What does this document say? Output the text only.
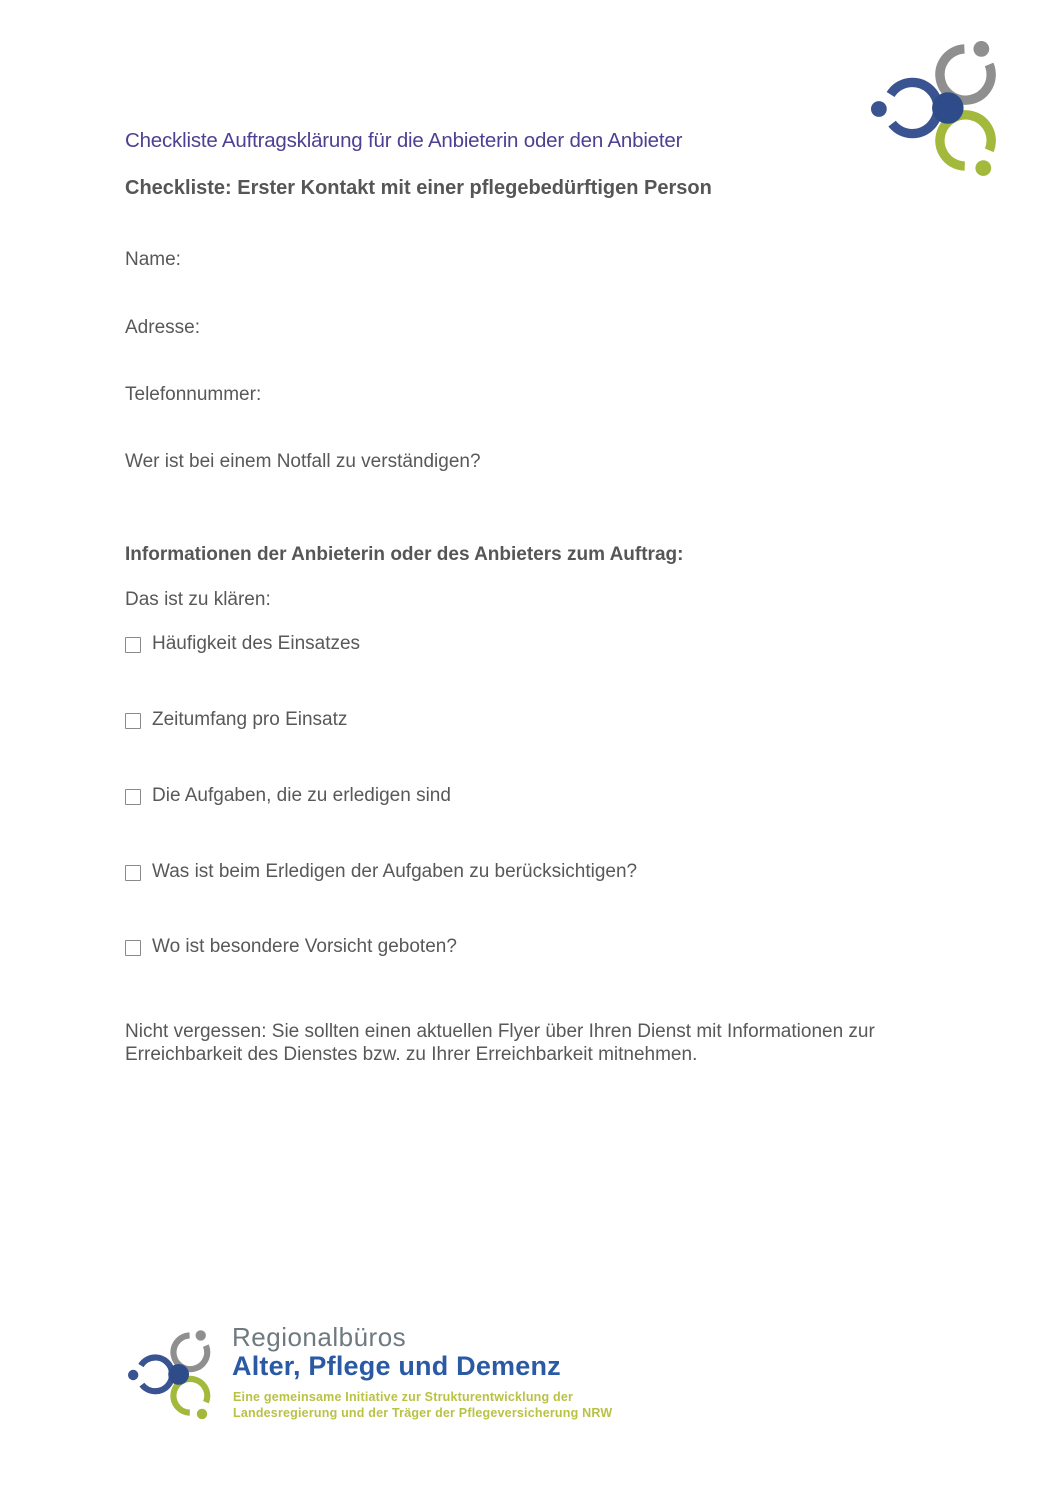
Checkliste Auftragsklärung für die Anbieterin oder den Anbieter
Checkliste: Erster Kontakt mit einer pflegebedürftigen Person
Name:
Adresse:
Telefonnummer:
Wer ist bei einem Notfall zu verständigen?
Informationen der Anbieterin oder des Anbieters zum Auftrag:
Das ist zu klären:
Häufigkeit des Einsatzes
Zeitumfang pro Einsatz
Die Aufgaben, die zu erledigen sind
Was ist beim Erledigen der Aufgaben zu berücksichtigen?
Wo ist besondere Vorsicht geboten?
Nicht vergessen: Sie sollten einen aktuellen Flyer über Ihren Dienst mit Informationen zur
Erreichbarkeit des Dienstes bzw. zu Ihrer Erreichbarkeit mitnehmen.
Regionalbüros
Alter, Pflege und Demenz
Eine gemeinsame Initiative zur Strukturentwicklung der
Landesregierung und der Träger der Pflegeversicherung NRW
